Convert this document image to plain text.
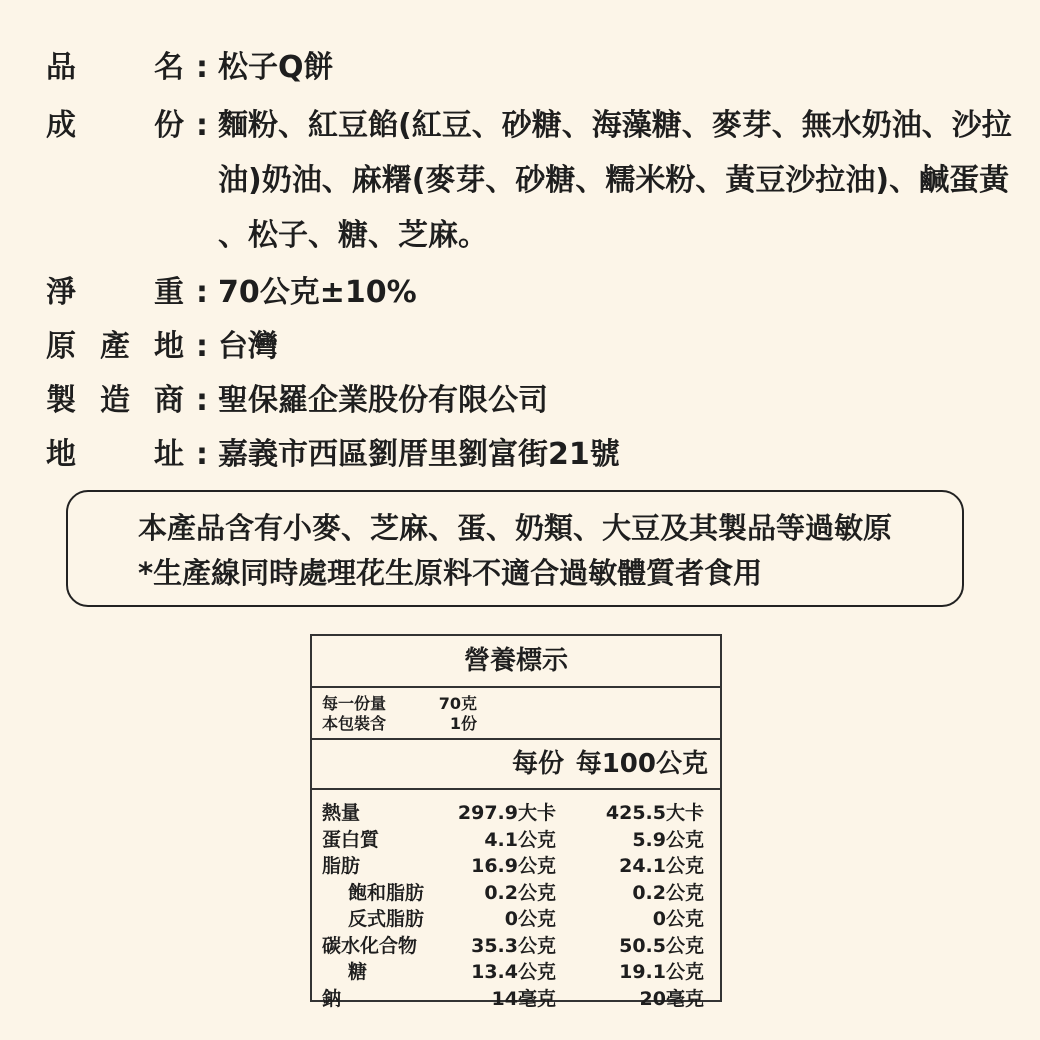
品	名 : 松子Q餅
成	份 : 麵粉、紅豆餡(紅豆、砂糖、海藻糖、麥芽、無水奶油、沙拉
油)奶油、麻糬(麥芽、砂糖、糯米粉、黃豆沙拉油)、鹹蛋黃
、松子、糖、芝麻。
淨	重 : 70公克±10%
原 產 地 : 台灣
製 造 商 : 聖保羅企業股份有限公司
地	址 : 嘉義市西區劉厝里劉富街21號
本產品含有小麥、芝麻、蛋、奶類、大豆及其製品等過敏原
*生產線同時處理花生原料不適合過敏體質者食用
營養標示
每一份量	70克
本包裝含	1份
每份 每100公克
熱量	297.9大卡	425.5大卡
蛋白質	4.1公克	5.9公克
脂肪	16.9公克	24.1公克
飽和脂肪	0.2公克	0.2公克
反式脂肪	0公克	0公克
碳水化合物	35.3公克	50.5公克
糖	13.4公克	19.1公克
鈉	14毫克	20毫克
